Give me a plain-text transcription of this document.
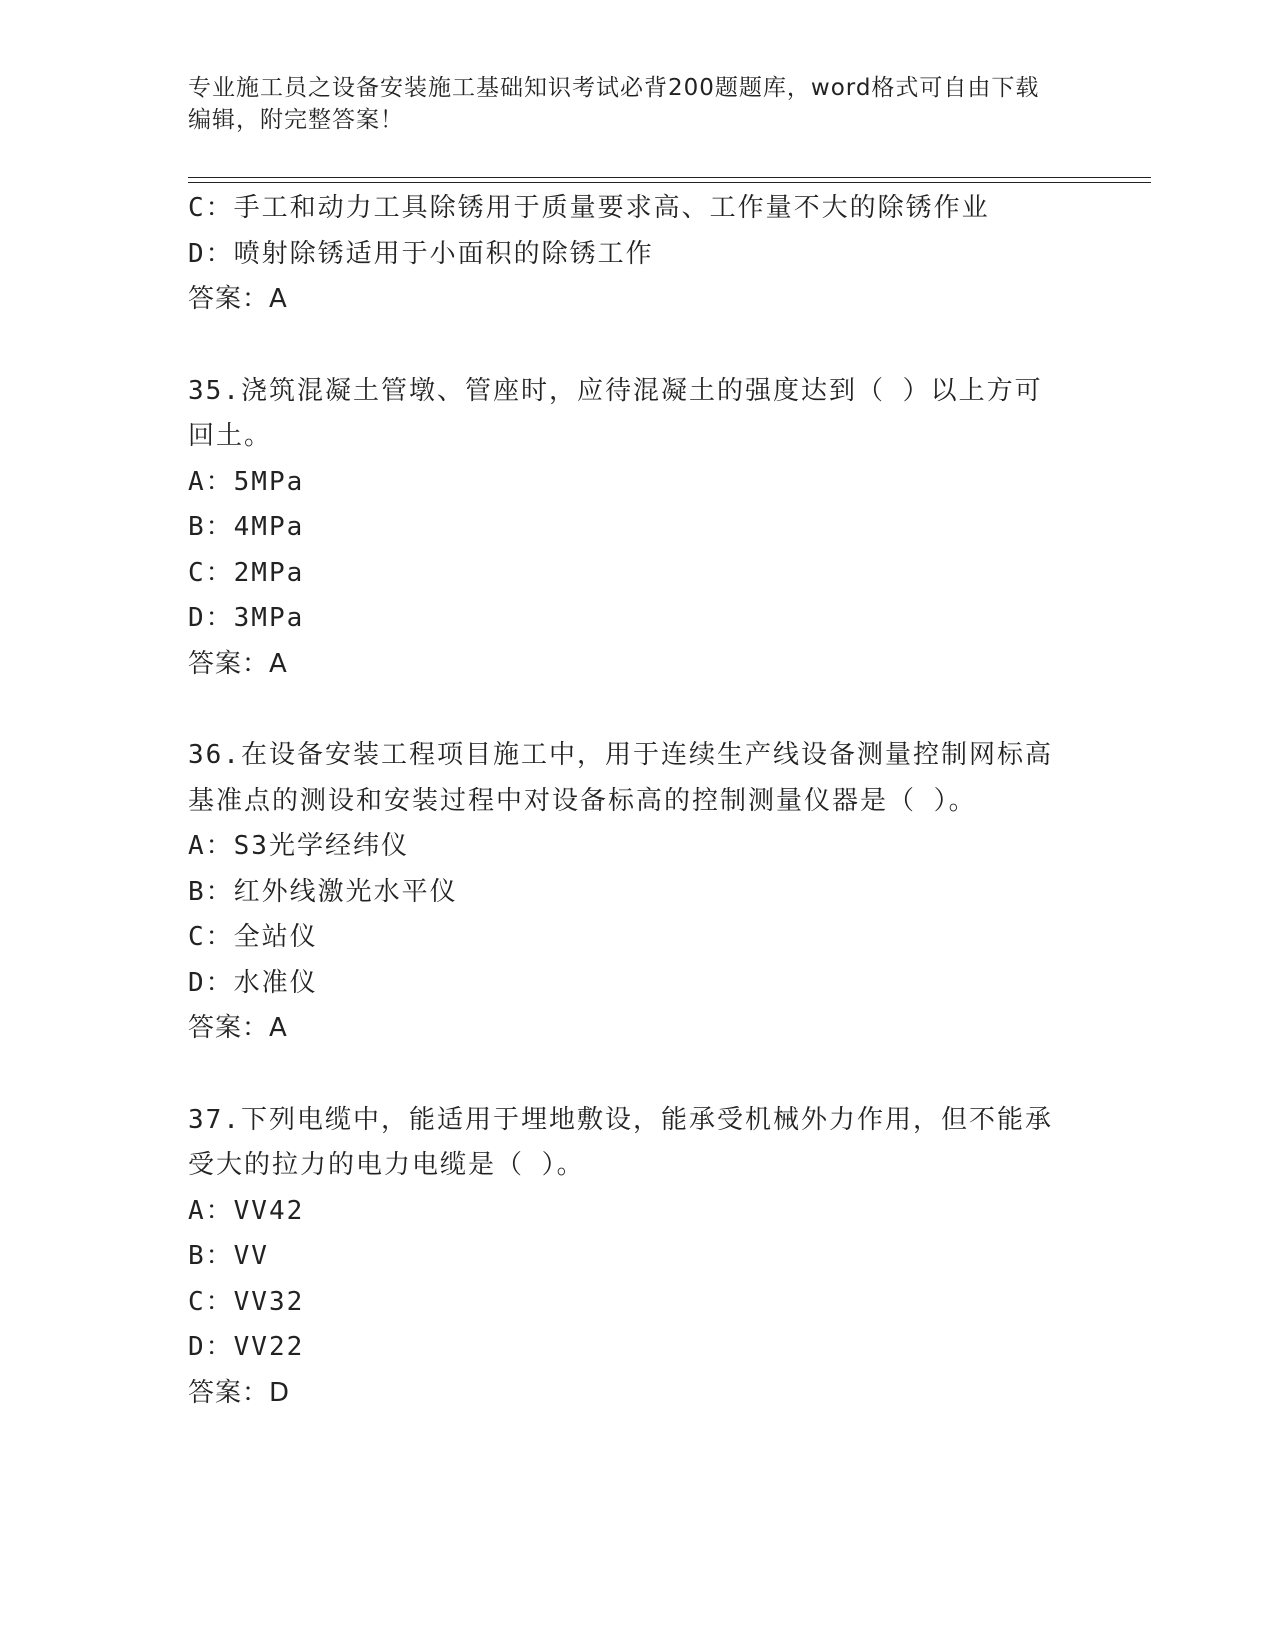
专业施工员之设备安装施工基础知识考试必背200题题库，word格式可自由下载
编辑，附完整答案！
C：手工和动力工具除锈用于质量要求高、工作量不大的除锈作业
D：喷射除锈适用于小面积的除锈工作
答案：A
35.浇筑混凝土管墩、管座时，应待混凝土的强度达到（ ）以上方可
回土。
A：5MPa
B：4MPa
C：2MPa
D：3MPa
答案：A
36.在设备安装工程项目施工中，用于连续生产线设备测量控制网标高
基准点的测设和安装过程中对设备标高的控制测量仪器是（ ）。
A：S3光学经纬仪
B：红外线激光水平仪
C：全站仪
D：水准仪
答案：A
37.下列电缆中，能适用于埋地敷设，能承受机械外力作用，但不能承
受大的拉力的电力电缆是（ ）。
A：VV42
B：VV
C：VV32
D：VV22
答案：D
